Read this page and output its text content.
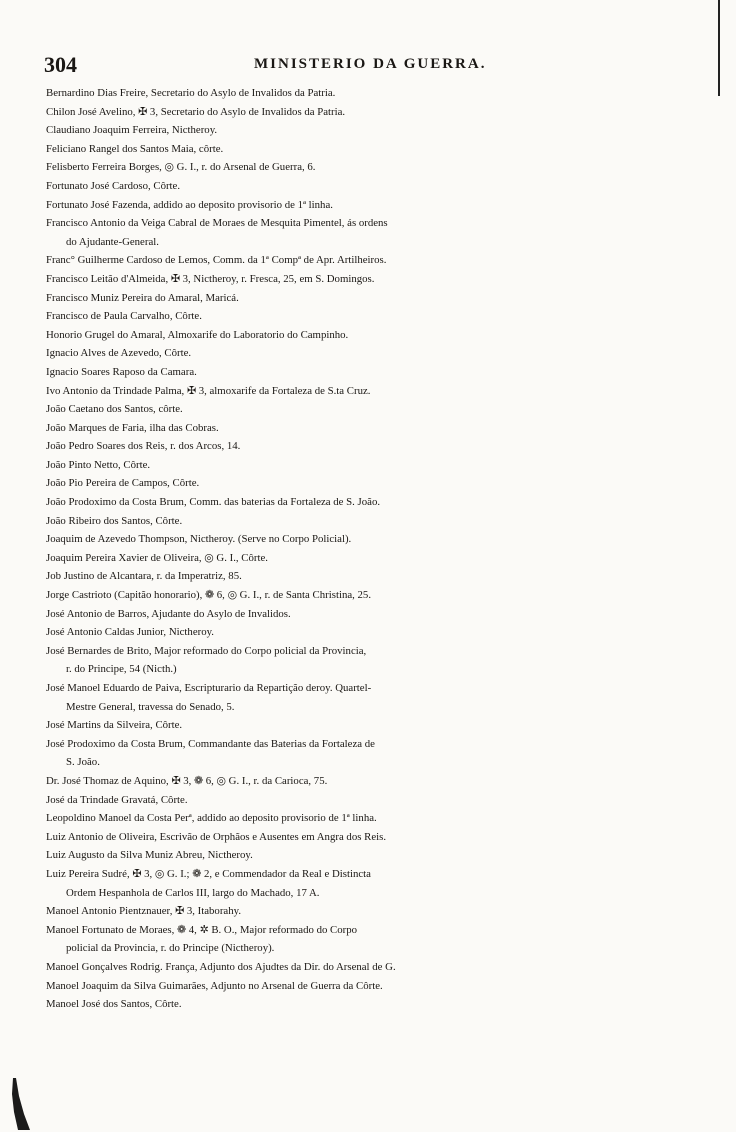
304	MINISTERIO DA GUERRA.
Bernardino Dias Freire, Secretario do Asylo de Invalidos da Patria.
Chilon José Avelino, ✠ 3, Secretario do Asylo de Invalidos da Patria.
Claudiano Joaquim Ferreira, Nictheroy.
Feliciano Rangel dos Santos Maia, côrte.
Felisberto Ferreira Borges, ◎ G. I., r. do Arsenal de Guerra, 6.
Fortunato José Cardoso, Côrte.
Fortunato José Fazenda, addido ao deposito provisorio de 1ª linha.
Francisco Antonio da Veiga Cabral de Moraes de Mesquita Pimentel, ás ordens
do Ajudante-General.
Franc° Guilherme Cardoso de Lemos, Comm. da 1ª Compª de Apr. Artilheiros.
Francisco Leitão d'Almeida, ✠ 3, Nictheroy, r. Fresca, 25, em S. Domingos.
Francisco Muniz Pereira do Amaral, Maricá.
Francisco de Paula Carvalho, Côrte.
Honorio Grugel do Amaral, Almoxarife do Laboratorio do Campinho.
Ignacio Alves de Azevedo, Côrte.
Ignacio Soares Raposo da Camara.
Ivo Antonio da Trindade Palma, ✠ 3, almoxarife da Fortaleza de S.ta Cruz.
João Caetano dos Santos, côrte.
João Marques de Faria, ilha das Cobras.
João Pedro Soares dos Reis, r. dos Arcos, 14.
João Pinto Netto, Côrte.
João Pio Pereira de Campos, Côrte.
João Prodoximo da Costa Brum, Comm. das baterias da Fortaleza de S. João.
João Ribeiro dos Santos, Côrte.
Joaquim de Azevedo Thompson, Nictheroy. (Serve no Corpo Policial).
Joaquim Pereira Xavier de Oliveira, ◎ G. I., Côrte.
Job Justino de Alcantara, r. da Imperatriz, 85.
Jorge Castrioto (Capitão honorario), ❁ 6, ◎ G. I., r. de Santa Christina, 25.
José Antonio de Barros, Ajudante do Asylo de Invalidos.
José Antonio Caldas Junior, Nictheroy.
José Bernardes de Brito, Major reformado do Corpo policial da Provincia,
r. do Principe, 54 (Nicth.)
José Manoel Eduardo de Paiva, Escripturario da Repartição deroy. Quartel-
Mestre General, travessa do Senado, 5.
José Martins da Silveira, Côrte.
José Prodoximo da Costa Brum, Commandante das Baterias da Fortaleza de
S. João.
Dr. José Thomaz de Aquino, ✠ 3, ❁ 6, ◎ G. I., r. da Carioca, 75.
José da Trindade Gravatá, Côrte.
Leopoldino Manoel da Costa Perª, addido ao deposito provisorio de 1ª linha.
Luiz Antonio de Oliveira, Escrivão de Orphãos e Ausentes em Angra dos Reis.
Luiz Augusto da Silva Muniz Abreu, Nictheroy.
Luiz Pereira Sudré, ✠ 3, ◎ G. I.; ❁ 2, e Commendador da Real e Distincta
Ordem Hespanhola de Carlos III, largo do Machado, 17 A.
Manoel Antonio Pientznauer, ✠ 3, Itaborahy.
Manoel Fortunato de Moraes, ❁ 4, ✲ B. O., Major reformado do Corpo
policial da Provincia, r. do Principe (Nictheroy).
Manoel Gonçalves Rodrig. França, Adjunto dos Ajudtes da Dir. do Arsenal de G.
Manoel Joaquim da Silva Guimarães, Adjunto no Arsenal de Guerra da Côrte.
Manoel José dos Santos, Côrte.
